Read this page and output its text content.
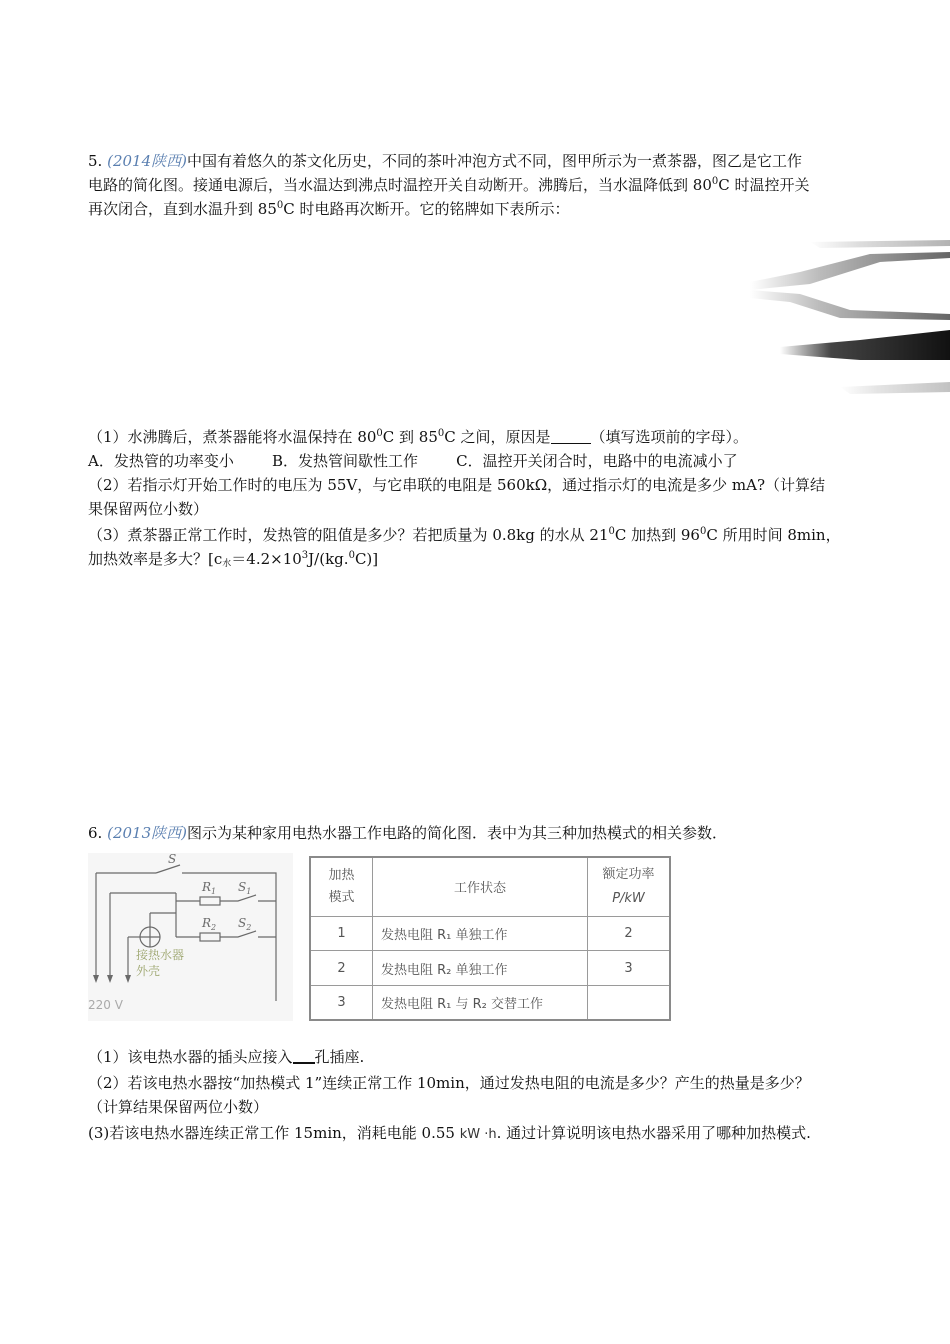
5. (2014陕西)中国有着悠久的茶文化历史，不同的茶叶冲泡方式不同，图甲所示为一煮茶器，图乙是它工作
电路的简化图。接通电源后，当水温达到沸点时温控开关自动断开。沸腾后，当水温降低到 $80^0C$ 时温控开关
再次闭合，直到水温升到 $85^0C$ 时电路再次断开。它的铭牌如下表所示：
（1）水沸腾后，煮茶器能将水温保持在 $80^0C$ 到 $85^0C$ 之间，原因是	（填写选项前的字母）。
A．发热管的功率变小        B．发热管间歇性工作        C．温控开关闭合时，电路中的电流减小了
（2）若指示灯开始工作时的电压为 55V，与它串联的电阻是 560kΩ，通过指示灯的电流是多少 mA?（计算结
果保留两位小数）
（3）煮茶器正常工作时，发热管的阻值是多少？若把质量为 0.8kg 的水从 $21^0C$ 加热到 $96^0C$ 所用时间 8min，
加热效率是多大？$[c_水=4.2\times 10^3J/(kg.^0C)]$
6. (2013陕西)图示为某种家用电热水器工作电路的简化图．表中为其三种加热模式的相关参数．
S
$R_1$ $S_1$
$R_2$ $S_2$
接热水器
外壳
220 V
加热
模式	工作状态	额定功率
P/kW
1	发热电阻 R₁ 单独工作	2
2	发热电阻 R₂ 单独工作	3
3	发热电阻 R₁ 与 R₂ 交替工作	
（1）该电热水器的插头应接入 孔插座.
（2）若该电热水器按“加热模式 1”连续正常工作 10min，通过发热电阻的电流是多少？产生的热量是多少？
（计算结果保留两位小数）
(3)若该电热水器连续正常工作 15min，消耗电能 0.55 kW ·h. 通过计算说明该电热水器采用了哪种加热模式.
